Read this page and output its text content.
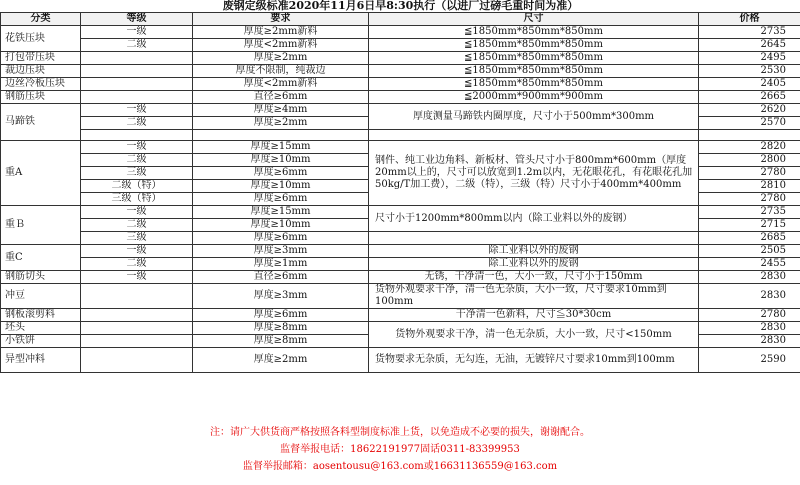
废钢定级标准2020年11月6日早8:30执行（以进厂过磅毛重时间为准）				
分类	等级	要求	尺寸	价格
花铁压块	一级	厚度≥2mm新料	≦1850mm*850mm*850mm	2735
	二级	厚度<2mm新料	≦1850mm*850mm*850mm	2645
打包带压块		厚度≥2mm	≦1850mm*850mm*850mm	2495
裁边压块		厚度不限制，纯裁边	≦1850mm*850mm*850mm	2530
边丝冷板压块		厚度<2mm新料	≦1850mm*850mm*850mm	2405
钢筋压块		直径≥6mm	≦2000mm*900mm*900mm	2665
马蹄铁	一级	厚度≥4mm	厚度测量马蹄铁内圈厚度，尺寸小于500mm*300mm	2620
	二级	厚度≥2mm		2570

重A	一级	厚度≥15mm	钢件、纯工业边角料、新板材、管头尺寸小于800mm*600mm（厚度20mm以上的，尺寸可以放宽到1.2m以内，无花眼花孔，有花眼花孔加50kg/T加工费），二级（特），三级（特）尺寸小于400mm*400mm	2820
	二级	厚度≥10mm		2800
	三级	厚度≥6mm		2780
	二级（特）	厚度≥10mm		2810
	三级（特）	厚度≥6mm		2780
重Ｂ	一级	厚度≥15mm	尺寸小于1200mm*800mm以内（除工业料以外的废钢）	2735
	二级	厚度≥10mm		2715
	三级	厚度≥6mm		2685
重C	一级	厚度≥3mm	除工业料以外的废钢	2505
	二级	厚度≥1mm	除工业料以外的废钢	2455
钢筋切头	一级	直径≥6mm	无锈，干净清一色，大小一致，尺寸小于150mm	2830
冲豆		厚度≥3mm	货物外观要求干净，清一色无杂质，大小一致，尺寸要求10mm到100mm	2830
钢板滚剪料		厚度≥6mm	干净清一色新料，尺寸≦30*30cm	2780
坯头		厚度≥8mm	货物外观要求干净，清一色无杂质，大小一致，尺寸<150mm	2830
小铁饼		厚度≥8mm		2830
异型冲料		厚度≥2mm	货物要求无杂质，无勾连，无油，无镀锌尺寸要求10mm到100mm	2590
注：请广大供货商严格按照各料型制度标准上货，以免造成不必要的损失，谢谢配合。
监督举报电话：18622191977固话0311-83399953
监督举报邮箱：aosentousu@163.com或16631136559@163.com
